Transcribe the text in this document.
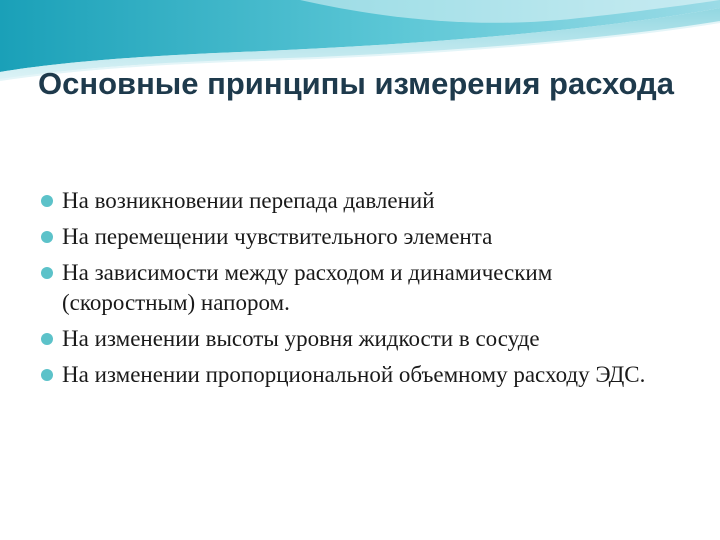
Основные принципы измерения расхода
На возникновении перепада давлений
На перемещении чувствительного элемента
На зависимости между расходом и динамическим (скоростным) напором.
На изменении высоты уровня жидкости в сосуде
На изменении пропорциональной объемному расходу ЭДС.
